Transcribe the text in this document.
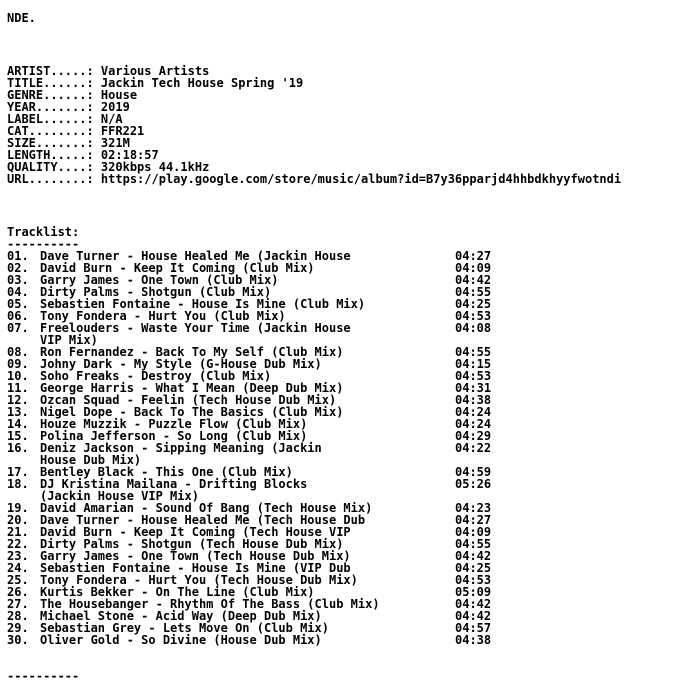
NDE.
ARTIST.....: Various Artists
TITLE......: Jackin Tech House Spring '19
GENRE......: House
YEAR.......: 2019
LABEL......: N/A
CAT........: FFR221
SIZE.......: 321M
LENGTH.....: 02:18:57
QUALITY....: 320kbps 44.1kHz
URL........: https://play.google.com/store/music/album?id=B7y36pparjd4hhbdkhyyfwotndi
Tracklist:
----------
01. Dave Turner - House Healed Me (Jackin House	04:27
02. David Burn - Keep It Coming (Club Mix)	04:09
03. Garry James - One Town (Club Mix)	04:42
04. Dirty Palms - Shotgun (Club Mix)	04:55
05. Sebastien Fontaine - House Is Mine (Club Mix)	04:25
06. Tony Fondera - Hurt You (Club Mix)	04:53
07. Freelouders - Waste Your Time (Jackin House	04:08
VIP Mix)
08. Ron Fernandez - Back To My Self (Club Mix)	04:55
09. Johny Dark - My Style (G-House Dub Mix)	04:15
10. Soho Freaks - Destroy (Club Mix)	04:53
11. George Harris - What I Mean (Deep Dub Mix)	04:31
12. Ozcan Squad - Feelin (Tech House Dub Mix)	04:38
13. Nigel Dope - Back To The Basics (Club Mix)	04:24
14. Houze Muzzik - Puzzle Flow (Club Mix)	04:24
15. Polina Jefferson - So Long (Club Mix)	04:29
16. Deniz Jackson - Sipping Meaning (Jackin	04:22
House Dub Mix)
17. Bentley Black - This One (Club Mix)	04:59
18. DJ Kristina Mailana - Drifting Blocks	05:26
(Jackin House VIP Mix)
19. David Amarian - Sound Of Bang (Tech House Mix)	04:23
20. Dave Turner - House Healed Me (Tech House Dub	04:27
21. David Burn - Keep It Coming (Tech House VIP	04:09
22. Dirty Palms - Shotgun (Tech House Dub Mix)	04:55
23. Garry James - One Town (Tech House Dub Mix)	04:42
24. Sebastien Fontaine - House Is Mine (VIP Dub	04:25
25. Tony Fondera - Hurt You (Tech House Dub Mix)	04:53
26. Kurtis Bekker - On The Line (Club Mix)	05:09
27. The Housebanger - Rhythm Of The Bass (Club Mix)	04:42
28. Michael Stone - Acid Way (Deep Dub Mix)	04:42
29. Sebastian Grey - Lets Move On (Club Mix)	04:57
30. Oliver Gold - So Divine (House Dub Mix)	04:38
----------
